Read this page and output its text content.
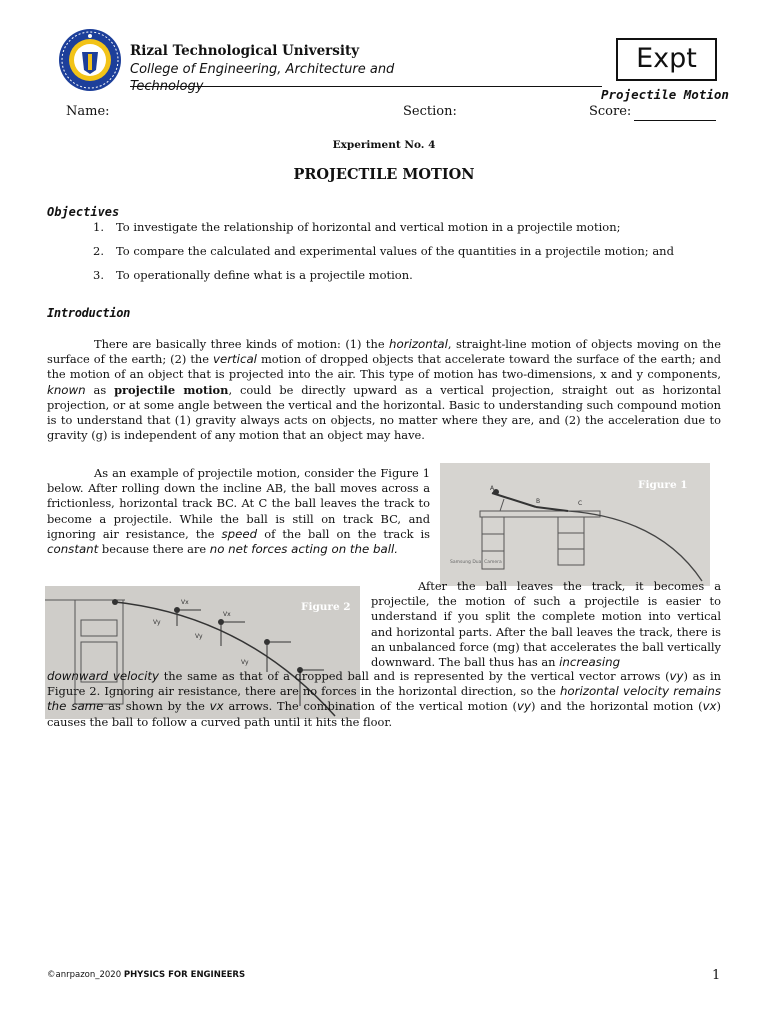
Rizal Technological University
College of Engineering, Architecture and Technology
Expt
Projectile Motion
Name:	Section:	Score:
Experiment No. 4
PROJECTILE MOTION
Objectives
1. To investigate the relationship of horizontal and vertical motion in a projectile motion;
2. To compare the calculated and experimental values of the quantities in a projectile motion; and
3. To operationally define what is a projectile motion.
Introduction
There are basically three kinds of motion: (1) the horizontal, straight-line motion of objects moving on the surface of the earth; (2) the vertical motion of dropped objects that accelerate toward the surface of the earth; and the motion of an object that is projected into the air. This type of motion has two-dimensions, x and y components, known as projectile motion, could be directly upward as a vertical projection, straight out as horizontal projection, or at some angle between the vertical and the horizontal. Basic to understanding such compound motion is to understand that (1) gravity always acts on objects, no matter where they are, and (2) the acceleration due to gravity (g) is independent of any motion that an object may have.
As an example of projectile motion, consider the Figure 1 below. After rolling down the incline AB, the ball moves across a frictionless, horizontal track BC. At C the ball leaves the track to become a projectile. While the ball is still on track BC, and ignoring air resistance, the speed of the ball on the track is constant because there are no net forces acting on the ball.
A
B	C
Samsung Dual Camera
Figure 1
Vx
Vx
Vy
Vy
Vy
Figure 2
After the ball leaves the track, it becomes a projectile, the motion of such a projectile is easier to understand if you split the complete motion into vertical and horizontal parts. After the ball leaves the track, there is an unbalanced force (mg) that accelerates the ball vertically downward. The ball thus has an increasing
downward velocity the same as that of a dropped ball and is represented by the vertical vector arrows (vy) as in Figure 2. Ignoring air resistance, there are no forces in the horizontal direction, so the horizontal velocity remains the same as shown by the vx arrows. The combination of the vertical motion (vy) and the horizontal motion (vx) causes the ball to follow a curved path until it hits the floor.
©anrpazon_2020 PHYSICS FOR ENGINEERS	1
